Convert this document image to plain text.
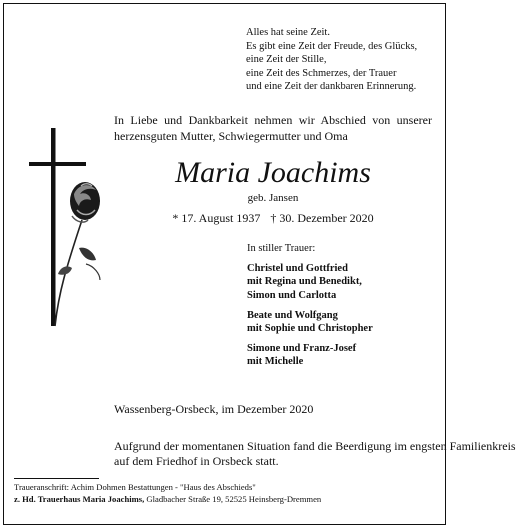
Alles hat seine Zeit.
Es gibt eine Zeit der Freude, des Glücks,
eine Zeit der Stille,
eine Zeit des Schmerzes, der Trauer
und eine Zeit der dankbaren Erinnerung.
In Liebe und Dankbarkeit nehmen wir Abschied von unserer
herzensguten Mutter, Schwiegermutter und Oma
Maria Joachims
geb. Jansen
* 17. August 1937 † 30. Dezember 2020
In stiller Trauer:
Christel und Gottfried
mit Regina und Benedikt,
Simon und Carlotta
Beate und Wolfgang
mit Sophie und Christopher
Simone und Franz-Josef
mit Michelle
Wassenberg-Orsbeck, im Dezember 2020
Aufgrund der momentanen Situation fand die Beerdigung im engsten Familienkreis
auf dem Friedhof in Orsbeck statt.
Traueranschrift: Achim Dohmen Bestattungen - "Haus des Abschieds"
z. Hd. Trauerhaus Maria Joachims, Gladbacher Straße 19, 52525 Heinsberg-Dremmen
